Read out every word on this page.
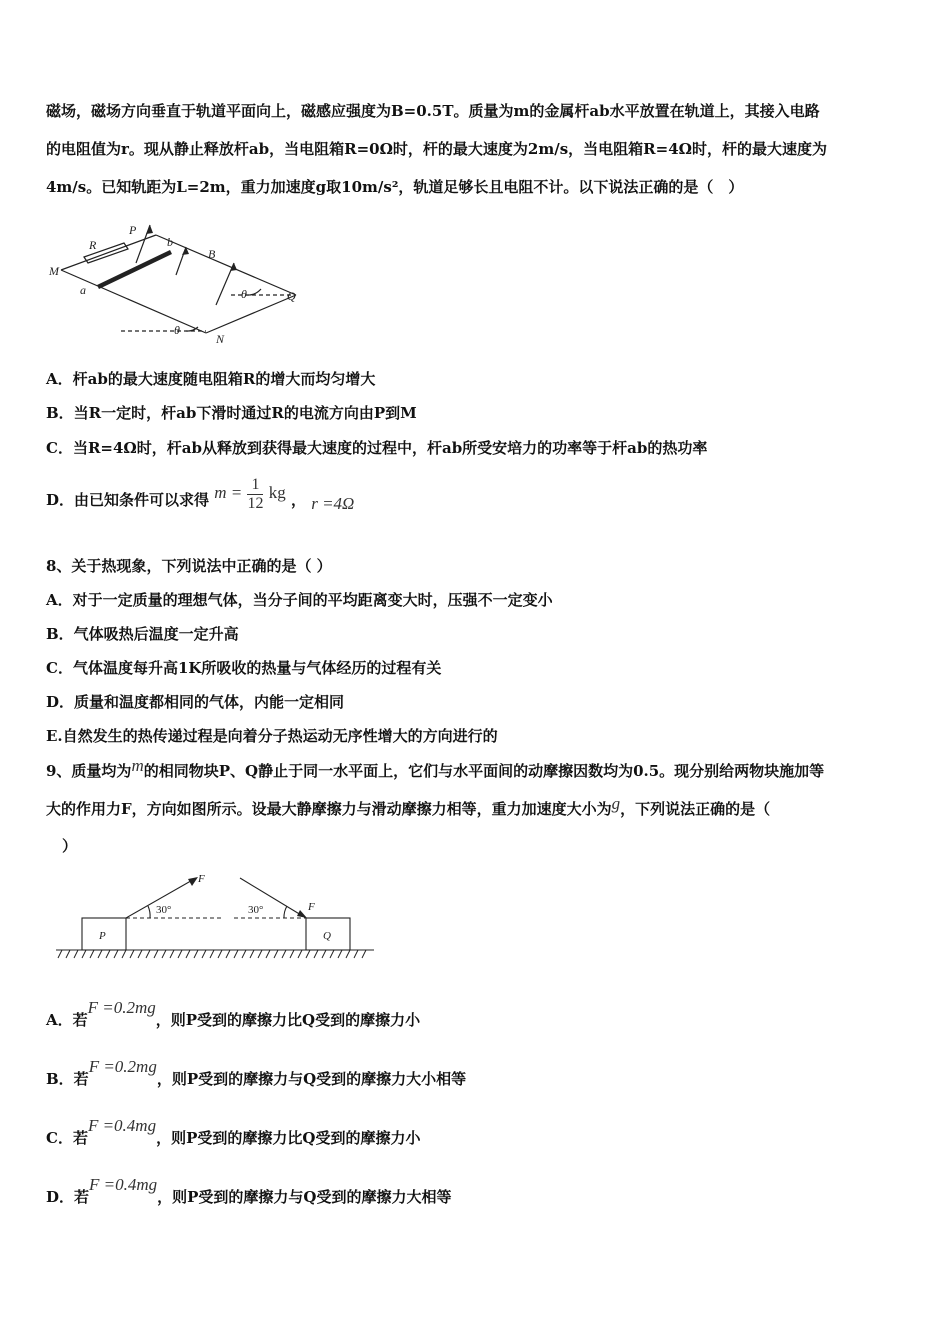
磁场，磁场方向垂直于轨道平面向上，磁感应强度为B=0.5T。质量为m的金属杆ab水平放置在轨道上，其接入电路
的电阻值为r。现从静止释放杆ab，当电阻箱R=0Ω时，杆的最大速度为2m/s，当电阻箱R=4Ω时，杆的最大速度为
4m/s。已知轨距为L=2m，重力加速度g取10m/s²，轨道足够长且电阻不计。以下说法正确的是（　）
R
P
b
B
M
a	θ	Q
θ
N
A．杆ab的最大速度随电阻箱R的增大而均匀增大
B．当R一定时，杆ab下滑时通过R的电流方向由P到M
C．当R=4Ω时，杆ab从释放到获得最大速度的过程中，杆ab所受安培力的功率等于杆ab的热功率
D．由已知条件可以求得 $m = \frac{1}{12}$ kg ， r =4Ω
8、关于热现象，下列说法中正确的是（ ）
A．对于一定质量的理想气体，当分子间的平均距离变大时，压强不一定变小
B．气体吸热后温度一定升高
C．气体温度每升高1K所吸收的热量与气体经历的过程有关
D．质量和温度都相同的气体，内能一定相同
E.自然发生的热传递过程是向着分子热运动无序性增大的方向进行的
9、质量均为m的相同物块P、Q静止于同一水平面上，它们与水平面间的动摩擦因数均为0.5。现分别给两物块施加等
大的作用力F，方向如图所示。设最大静摩擦力与滑动摩擦力相等，重力加速度大小为g，下列说法正确的是（
）
F
30°	30°	F
P	Q
A．若F =0.2mg，则P受到的摩擦力比Q受到的摩擦力小
B．若F =0.2mg，则P受到的摩擦力与Q受到的摩擦力大小相等
C．若F =0.4mg，则P受到的摩擦力比Q受到的摩擦力小
D．若F =0.4mg，则P受到的摩擦力与Q受到的摩擦力大相等
